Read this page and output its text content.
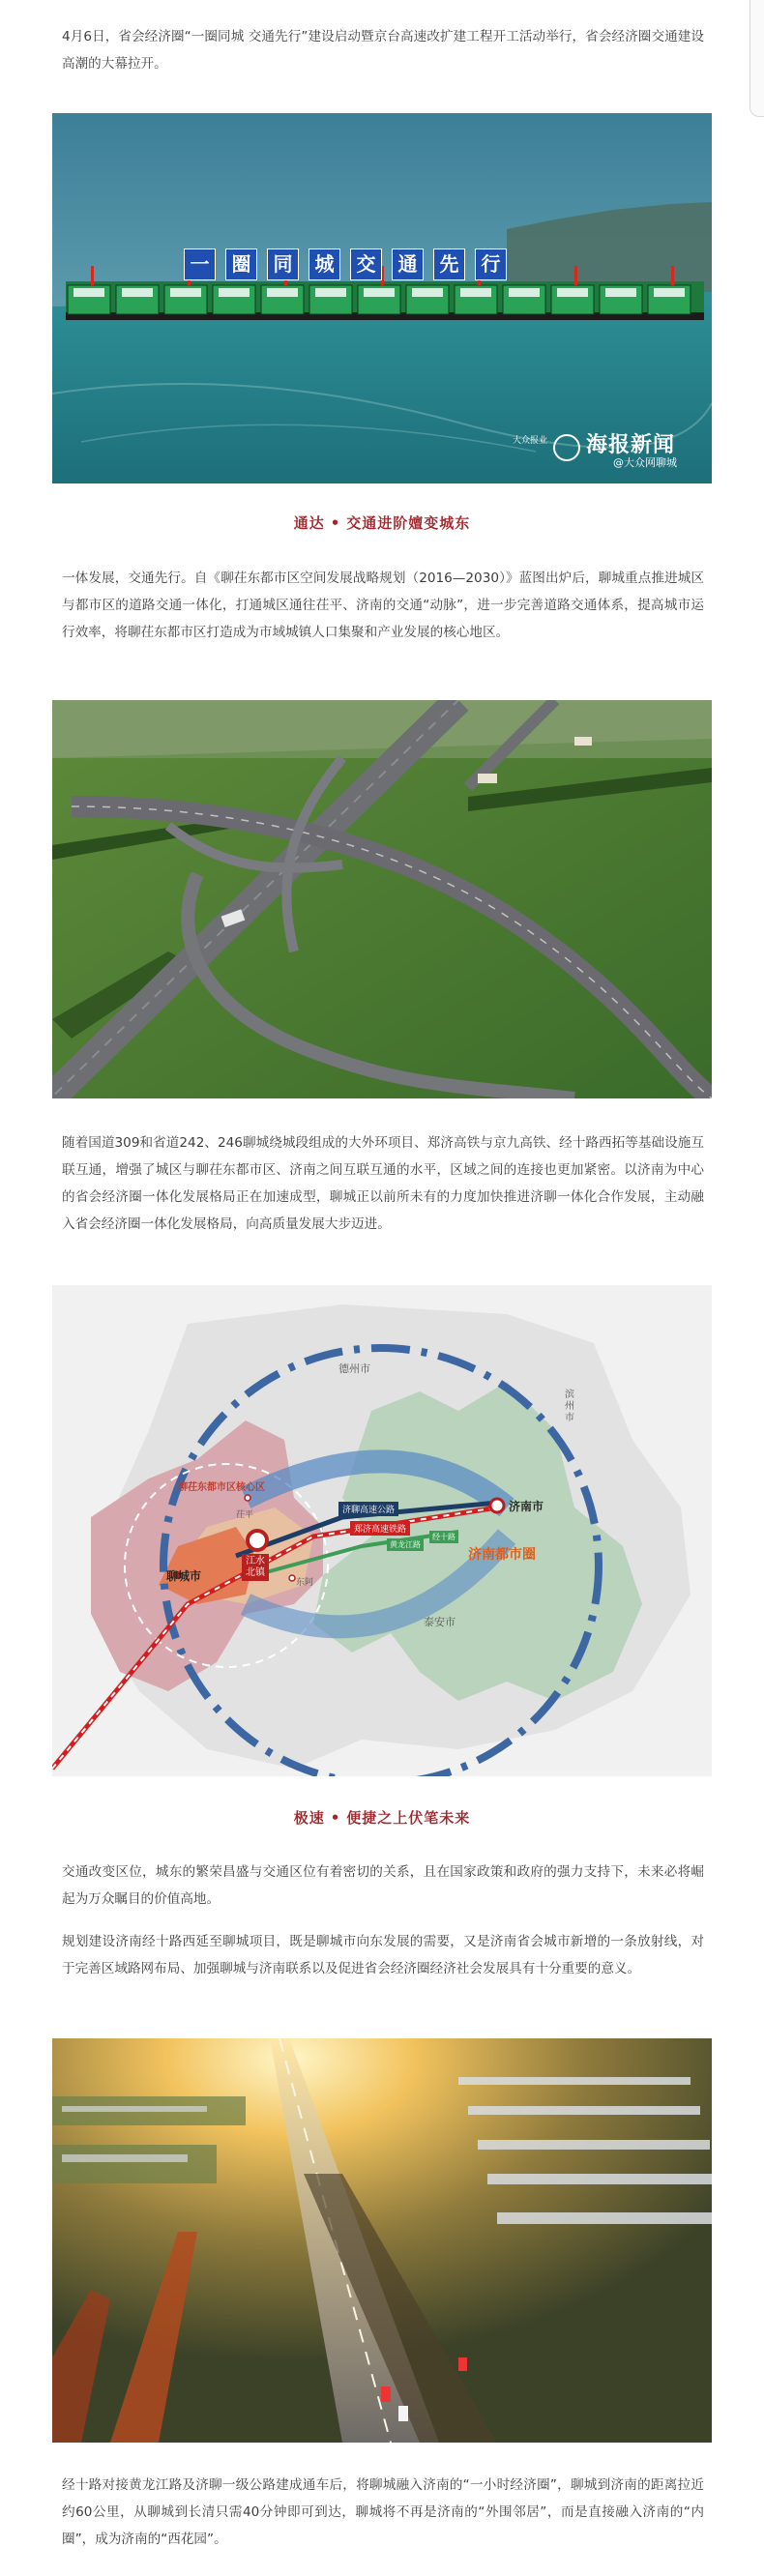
4月6日，省会经济圈“一圈同城 交通先行”建设启动暨京台高速改扩建工程开工活动举行，省会经济圈交通建设高潮的大幕拉开。

一	圈	同	城	交	通	先	行
大众报业 海报新闻
@大众网聊城

通达 • 交通进阶嬗变城东

一体发展，交通先行。自《聊茌东都市区空间发展战略规划（2016—2030）》蓝图出炉后，聊城重点推进城区与都市区的道路交通一体化，打通城区通往茌平、济南的交通“动脉”，进一步完善道路交通体系，提高城市运行效率，将聊茌东都市区打造成为市域城镇人口集聚和产业发展的核心地区。

随着国道309和省道242、246聊城绕城段组成的大外环项目、郑济高铁与京九高铁、经十路西拓等基础设施互联互通，增强了城区与聊茌东都市区、济南之间互联互通的水平，区域之间的连接也更加紧密。以济南为中心的省会经济圈一体化发展格局正在加速成型，聊城正以前所未有的力度加快推进济聊一体化合作发展，主动融入省会经济圈一体化发展格局，向高质量发展大步迈进。

德州市
滨州市
泰安市
聊茌东都市区核心区
聊城市
济南市
济南都市圈
茌平
东阿
江水
北镇
济聊高速公路
郑济高速铁路
黄龙江路
经十路

极速 • 便捷之上伏笔未来

交通改变区位，城东的繁荣昌盛与交通区位有着密切的关系，且在国家政策和政府的强力支持下，未来必将崛起为万众瞩目的价值高地。

规划建设济南经十路西延至聊城项目，既是聊城市向东发展的需要，又是济南省会城市新增的一条放射线，对于完善区域路网布局、加强聊城与济南联系以及促进省会经济圈经济社会发展具有十分重要的意义。

经十路对接黄龙江路及济聊一级公路建成通车后，将聊城融入济南的“一小时经济圈”，聊城到济南的距离拉近约60公里，从聊城到长清只需40分钟即可到达，聊城将不再是济南的“外围邻居”，而是直接融入济南的“内圈”，成为济南的“西花园”。
